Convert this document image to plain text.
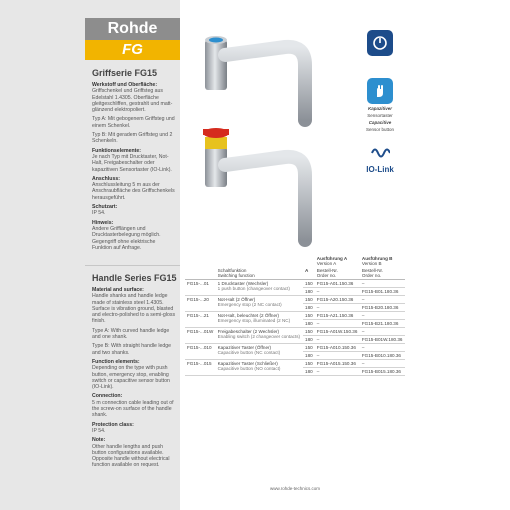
Rohde
FG
Griffserie FG15
Werkstoff und Oberfläche:
Griffschenkel und Griffsteg aus Edelstahl 1.4305. Oberfläche gleitgeschliffen, gestrahlt und matt-glänzend elektropoliert.
Typ A: Mit gebogenem Griffsteg und einem Schenkel.
Typ B: Mit geradem Griffsteg und 2 Schenkeln.
Funktionselemente:
Je nach Typ mit Drucktaster, Not-Halt, Freigabeschalter oder kapazitiven Sensortaster (IO-Link).
Anschluss:
Anschlussleitung 5 m aus der Anschraubfläche des Griffschenkels herausgeführt.
Schutzart:
IP 54.
Hinweis:
Andere Grifflängen und Drucktasterbelegung möglich. Gegengriff ohne elektrische Funktion auf Anfrage.
Handle Series FG15
Material and surface:
Handle shanks and handle ledge made of stainless steel 1.4305. Surface is vibration ground, blasted and electro-polished to a semi-gloss finish.
Type A: With curved handle ledge and one shank.
Type B: With straight handle ledge and two shanks.
Function elements:
Depending on the type with push button, emergency stop, enabling switch or capacitive sensor button (IO-Link).
Connection:
5 m connection cable leading out of the screw-on surface of the handle shank.
Protection class:
IP 54.
Note:
Other handle lengths and push button configurations available. Opposite handle without electrical function available on request.
Kapazitiver
Sensortaster
Capacitive
Sensor button
IO-Link
			Ausführung A
Version A	Ausführung B
Version B
	Schaltfunktion
Switching function	A	Bestell-Nr.
Order no.	Bestell-Nr.
Order no.
FG15-...01	1 Drucktaster (Wechsler)
1 push button (changeover contact)	150	FG15-A01.150.36	–
		180	–	FG15-B01.180.36
FG15-...20	Not-Halt (2 Öffner)
Emergency stop (2 NC contact)	150	FG15-A20.150.36	–
		180	–	FG15-B20.180.36
FG15-...21	Not-Halt, beleuchtet (2 Öffner)
Emergency stop, illuminated (2 NC)	150	FG15-A21.150.36	–
		180	–	FG15-B21.180.36
FG15-...01W	Freigabeschalter (2 Wechsler)
Enabling switch (2 changeover contacts)	150	FG15-A01W.150.36	–
		180	–	FG15-B01W.180.36
FG15-...010	Kapazitiver Taster (Öffner)
Capacitive button (NC contact)	150	FG15-A010.150.36	–
		180	–	FG15-B010.180.36
FG15-...015	Kapazitiver Taster (Schließer)
Capacitive button (NO contact)	150	FG15-A015.150.36	–
		180	–	FG15-B015.180.36
www.rohde-technics.com
